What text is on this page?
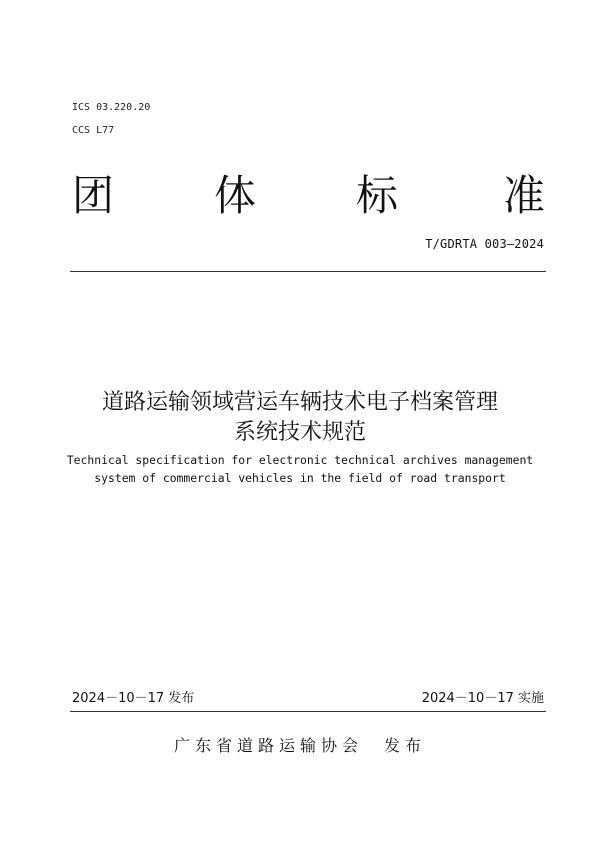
ICS 03.220.20
CCS L77
团 体 标 准
T/GDRTA 003—2024
道路运输领域营运车辆技术电子档案管理
系统技术规范
Technical specification for electronic technical archives management
system of commercial vehicles in the field of road transport
2024－10－17 发布	2024－10－17 实施
广东省道路运输协会　发布
